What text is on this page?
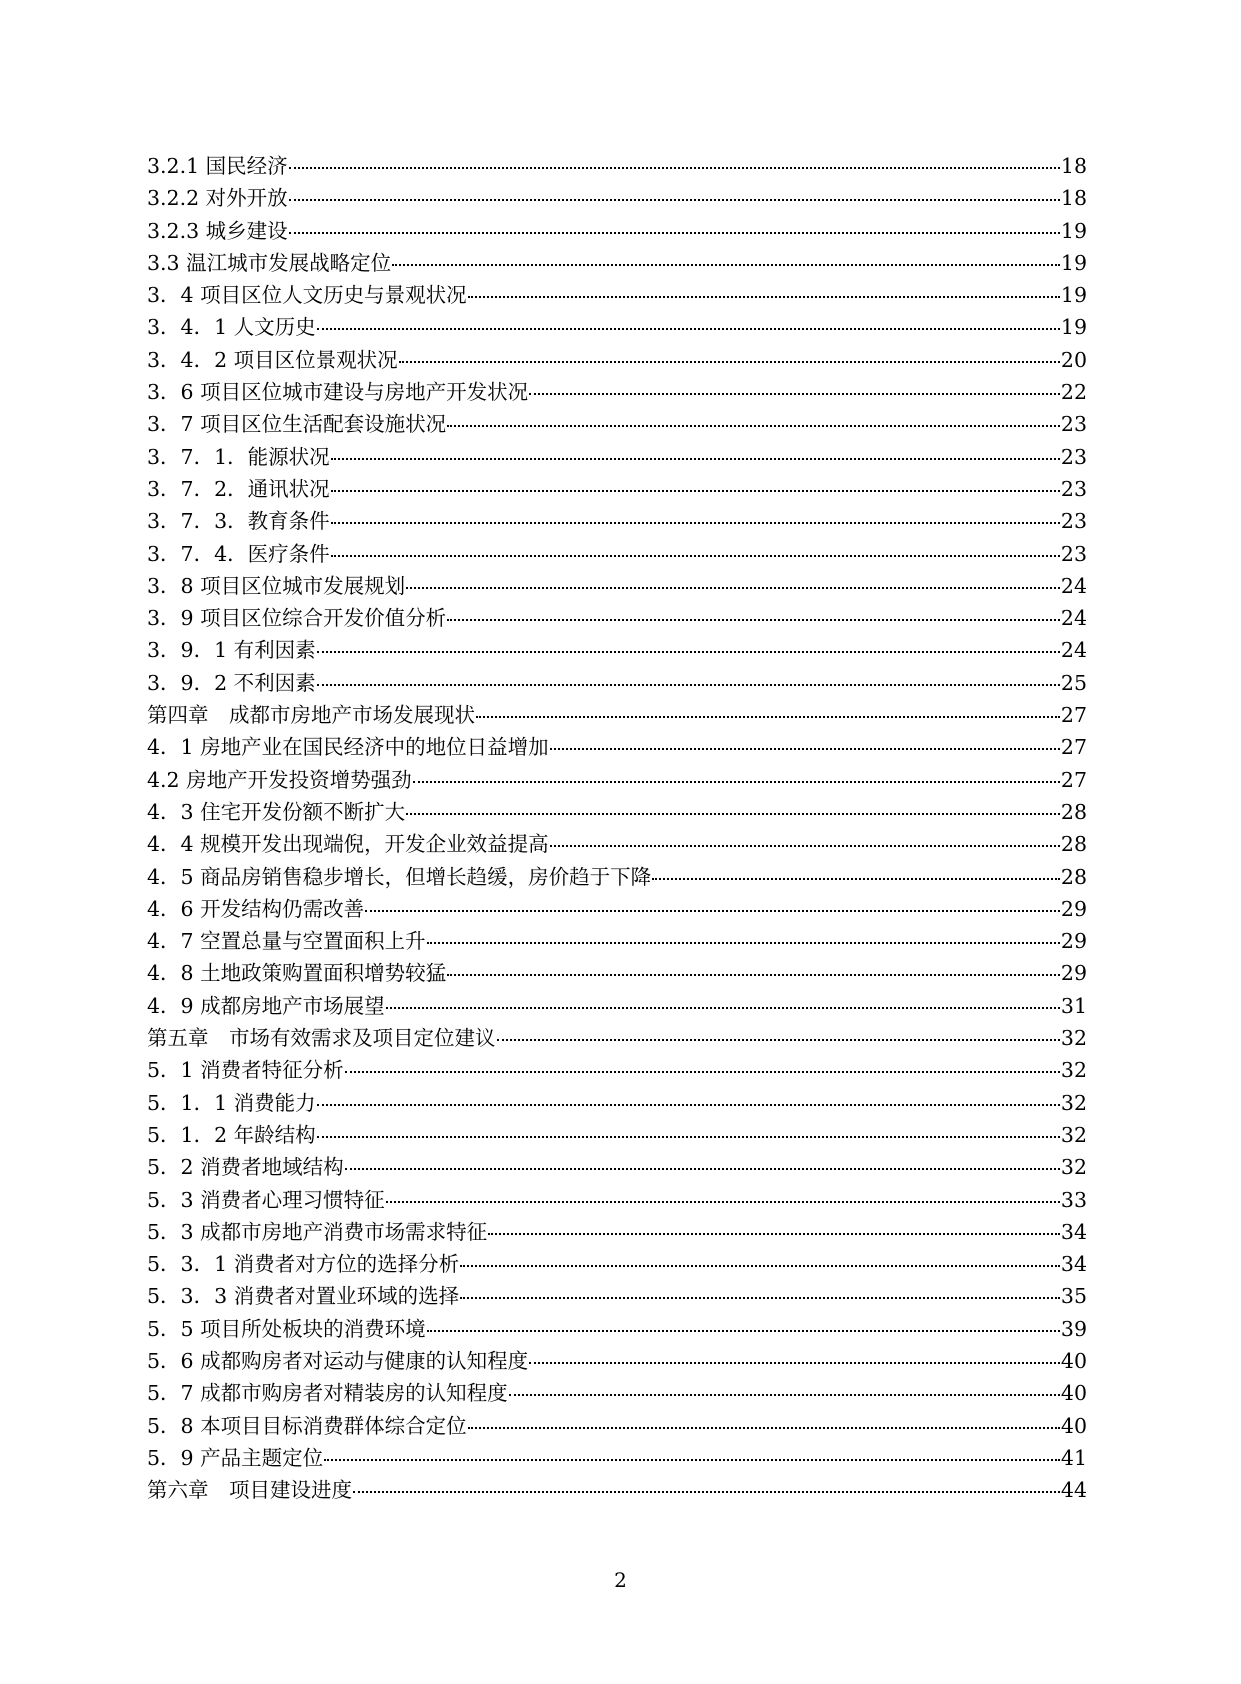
3.2.1 国民经济	18
3.2.2 对外开放	18
3.2.3 城乡建设	19
3.3 温江城市发展战略定位	19
3．4 项目区位人文历史与景观状况	19
3．4．1 人文历史	19
3．4．2 项目区位景观状况	20
3．6 项目区位城市建设与房地产开发状况	22
3．7 项目区位生活配套设施状况	23
3．7．1．能源状况	23
3．7．2．通讯状况	23
3．7．3．教育条件	23
3．7．4．医疗条件	23
3．8 项目区位城市发展规划	24
3．9 项目区位综合开发价值分析	24
3．9．1 有利因素	24
3．9．2 不利因素	25
第四章　成都市房地产市场发展现状	27
4．1 房地产业在国民经济中的地位日益增加	27
4.2 房地产开发投资增势强劲	27
4．3 住宅开发份额不断扩大	28
4．4 规模开发出现端倪，开发企业效益提高	28
4．5 商品房销售稳步增长，但增长趋缓，房价趋于下降	28
4．6 开发结构仍需改善	29
4．7 空置总量与空置面积上升	29
4．8 土地政策购置面积增势较猛	29
4．9 成都房地产市场展望	31
第五章　市场有效需求及项目定位建议	32
5．1 消费者特征分析	32
5．1．1 消费能力	32
5．1．2 年龄结构	32
5．2 消费者地域结构	32
5．3 消费者心理习惯特征	33
5．3 成都市房地产消费市场需求特征	34
5．3．1 消费者对方位的选择分析	34
5．3．3 消费者对置业环域的选择	35
5．5 项目所处板块的消费环境	39
5．6 成都购房者对运动与健康的认知程度	40
5．7 成都市购房者对精装房的认知程度	40
5．8 本项目目标消费群体综合定位	40
5．9 产品主题定位	41
第六章　项目建设进度	44
2
